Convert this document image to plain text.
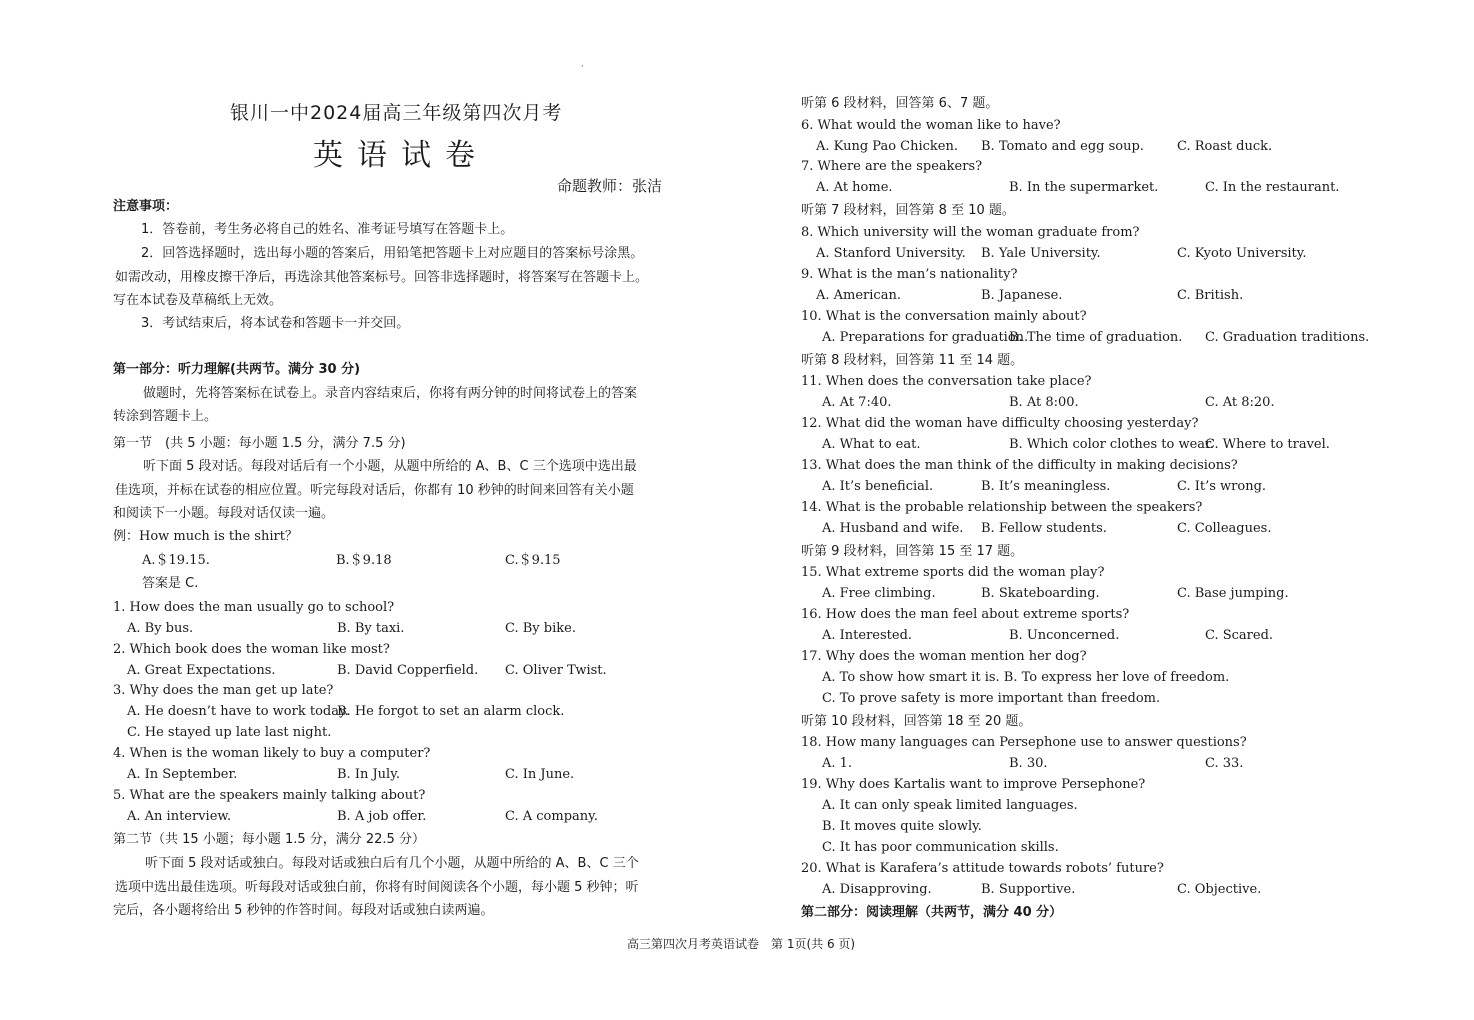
·
银川一中2024届高三年级第四次月考
英语试卷
命题教师：张洁
注意事项：
1．答卷前，考生务必将自己的姓名、准考证号填写在答题卡上。
2．回答选择题时，选出每小题的答案后，用铅笔把答题卡上对应题目的答案标号涂黑。
如需改动，用橡皮擦干净后，再选涂其他答案标号。回答非选择题时，将答案写在答题卡上。
写在本试卷及草稿纸上无效。
3．考试结束后，将本试卷和答题卡一并交回。
第一部分：听力理解(共两节。满分 30 分)
做题时，先将答案标在试卷上。录音内容结束后，你将有两分钟的时间将试卷上的答案
转涂到答题卡上。
第一节　(共 5 小题：每小题 1.5 分，满分 7.5 分)
听下面 5 段对话。每段对话后有一个小题，从题中所给的 A、B、C 三个选项中选出最
佳选项，并标在试卷的相应位置。听完每段对话后，你都有 10 秒钟的时间来回答有关小题
和阅读下一小题。每段对话仅读一遍。
例：How much is the shirt？
A.＄19.15.	B.＄9.18	C.＄9.15
答案是 C.
1. How does the man usually go to school?
A. By bus.	B. By taxi.	C. By bike.
2. Which book does the woman like most?
A. Great Expectations.	B. David Copperfield. C. Oliver Twist.
3. Why does the man get up late?
A. He doesn’t have to work today.
B. He forgot to set an alarm clock.
C. He stayed up late last night.
4. When is the woman likely to buy a computer?
A. In September.	B. In July.	C. In June.
5. What are the speakers mainly talking about?
A. An interview.	B. A job offer.	C. A company.
第二节（共 15 小题；每小题 1.5 分，满分 22.5 分）
听下面 5 段对话或独白。每段对话或独白后有几个小题，从题中所给的 A、B、C 三个
选项中选出最佳选项。听每段对话或独白前，你将有时间阅读各个小题，每小题 5 秒钟；听
完后，各小题将给出 5 秒钟的作答时间。每段对话或独白读两遍。
听第 6 段材料，回答第 6、7 题。
6. What would the woman like to have?
A. Kung Pao Chicken. B. Tomato and egg soup.	C. Roast duck.
7. Where are the speakers?
A. At home.	B. In the supermarket.	C. In the restaurant.
听第 7 段材料，回答第 8 至 10 题。
8. Which university will the woman graduate from?
A. Stanford University. B. Yale University.	C. Kyoto University.
9. What is the man’s nationality?
A. American.	B. Japanese.	C. British.
10. What is the conversation mainly about?
A. Preparations for graduation.
B. The time of graduation. C. Graduation traditions.
听第 8 段材料，回答第 11 至 14 题。
11. When does the conversation take place?
A. At 7:40.	B. At 8:00.	C. At 8:20.
12. What did the woman have difficulty choosing yesterday?
A. What to eat.	B. Which color clothes to wear.
C. Where to travel.
13. What does the man think of the difficulty in making decisions?
A. It’s beneficial.	B. It’s meaningless.	C. It’s wrong.
14. What is the probable relationship between the speakers?
A. Husband and wife. B. Fellow students.	C. Colleagues.
听第 9 段材料，回答第 15 至 17 题。
15. What extreme sports did the woman play?
A. Free climbing.	B. Skateboarding.	C. Base jumping.
16. How does the man feel about extreme sports?
A. Interested.	B. Unconcerned.	C. Scared.
17. Why does the woman mention her dog?
A. To show how smart it is. B. To express her love of freedom.
C. To prove safety is more important than freedom.
听第 10 段材料，回答第 18 至 20 题。
18. How many languages can Persephone use to answer questions?
A. 1.	B. 30.	C. 33.
19. Why does Kartalis want to improve Persephone?
A. It can only speak limited languages.
B. It moves quite slowly.
C. It has poor communication skills.
20. What is Karafera’s attitude towards robots’ future?
A. Disapproving.	B. Supportive.	C. Objective.
第二部分：阅读理解（共两节，满分 40 分）
高三第四次月考英语试卷　第 1页(共 6 页)
